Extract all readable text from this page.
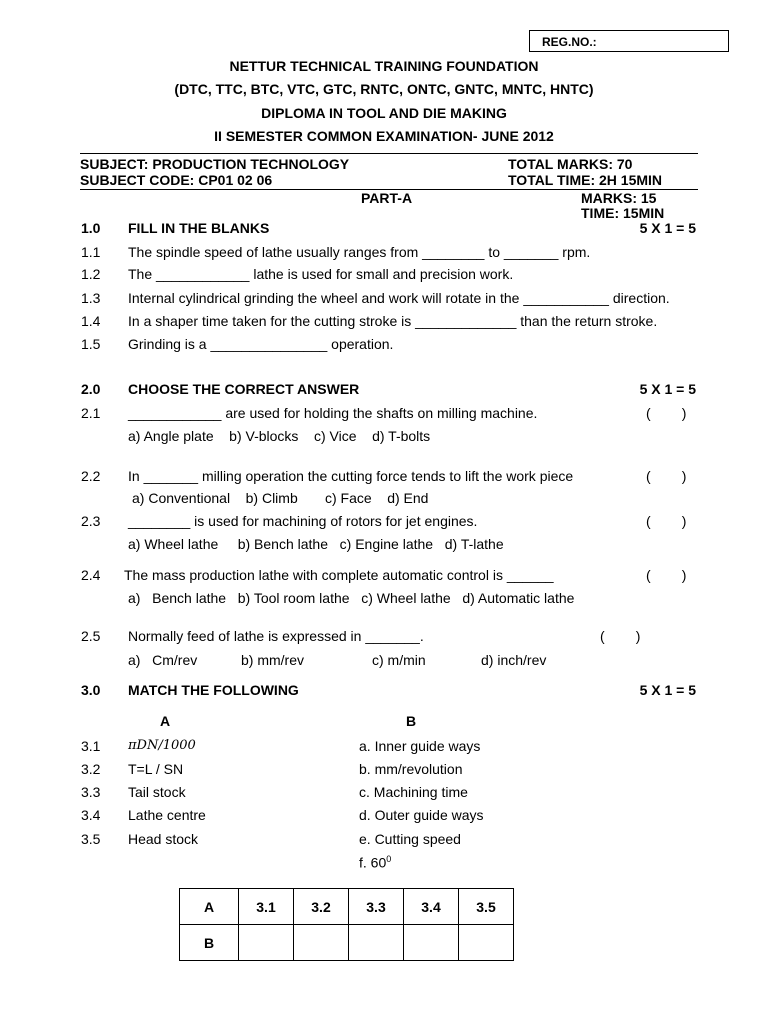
REG.NO.:
NETTUR TECHNICAL TRAINING FOUNDATION
(DTC, TTC, BTC, VTC, GTC, RNTC, ONTC, GNTC, MNTC, HNTC)
DIPLOMA IN TOOL AND DIE MAKING
II SEMESTER COMMON EXAMINATION- JUNE 2012
SUBJECT: PRODUCTION TECHNOLOGY
SUBJECT CODE: CP01 02 06
TOTAL MARKS: 70
TOTAL TIME: 2H 15MIN
PART-A	MARKS: 15
TIME: 15MIN
1.0 FILL IN THE BLANKS	5 X 1 = 5
1.1 The spindle speed of lathe usually ranges from ________ to _______ rpm.
1.2 The ____________ lathe is used for small and precision work.
1.3 Internal cylindrical grinding the wheel and work will rotate in the ___________ direction.
1.4 In a shaper time taken for the cutting stroke is _____________ than the return stroke.
1.5 Grinding is a _______________ operation.
2.0 CHOOSE THE CORRECT ANSWER	5 X 1 = 5
2.1 ____________ are used for holding the shafts on milling machine.	(        )
a) Angle plate    b) V-blocks    c) Vice    d) T-bolts
2.2 In _______ milling operation the cutting force tends to lift the work piece	(        )
a) Conventional    b) Climb       c) Face    d) End
2.3 ________ is used for machining of rotors for jet engines.	(        )
a) Wheel lathe     b) Bench lathe   c) Engine lathe   d) T-lathe
2.4 The mass production lathe with complete automatic control is ______	(        )
a)   Bench lathe   b) Tool room lathe   c) Wheel lathe   d) Automatic lathe
2.5 Normally feed of lathe is expressed in _______.	(        )
a)   Cm/rev	b) mm/rev	c) m/min	d) inch/rev
3.0 MATCH THE FOLLOWING	5 X 1 = 5
A	B
3.1 πDN/1000	a. Inner guide ways
3.2 T=L / SN	b. mm/revolution
3.3 Tail stock	c. Machining time
3.4 Lathe centre	d. Outer guide ways
3.5 Head stock	e. Cutting speed
f. $60^0$
A	3.1	3.2	3.3	3.4	3.5
B					
